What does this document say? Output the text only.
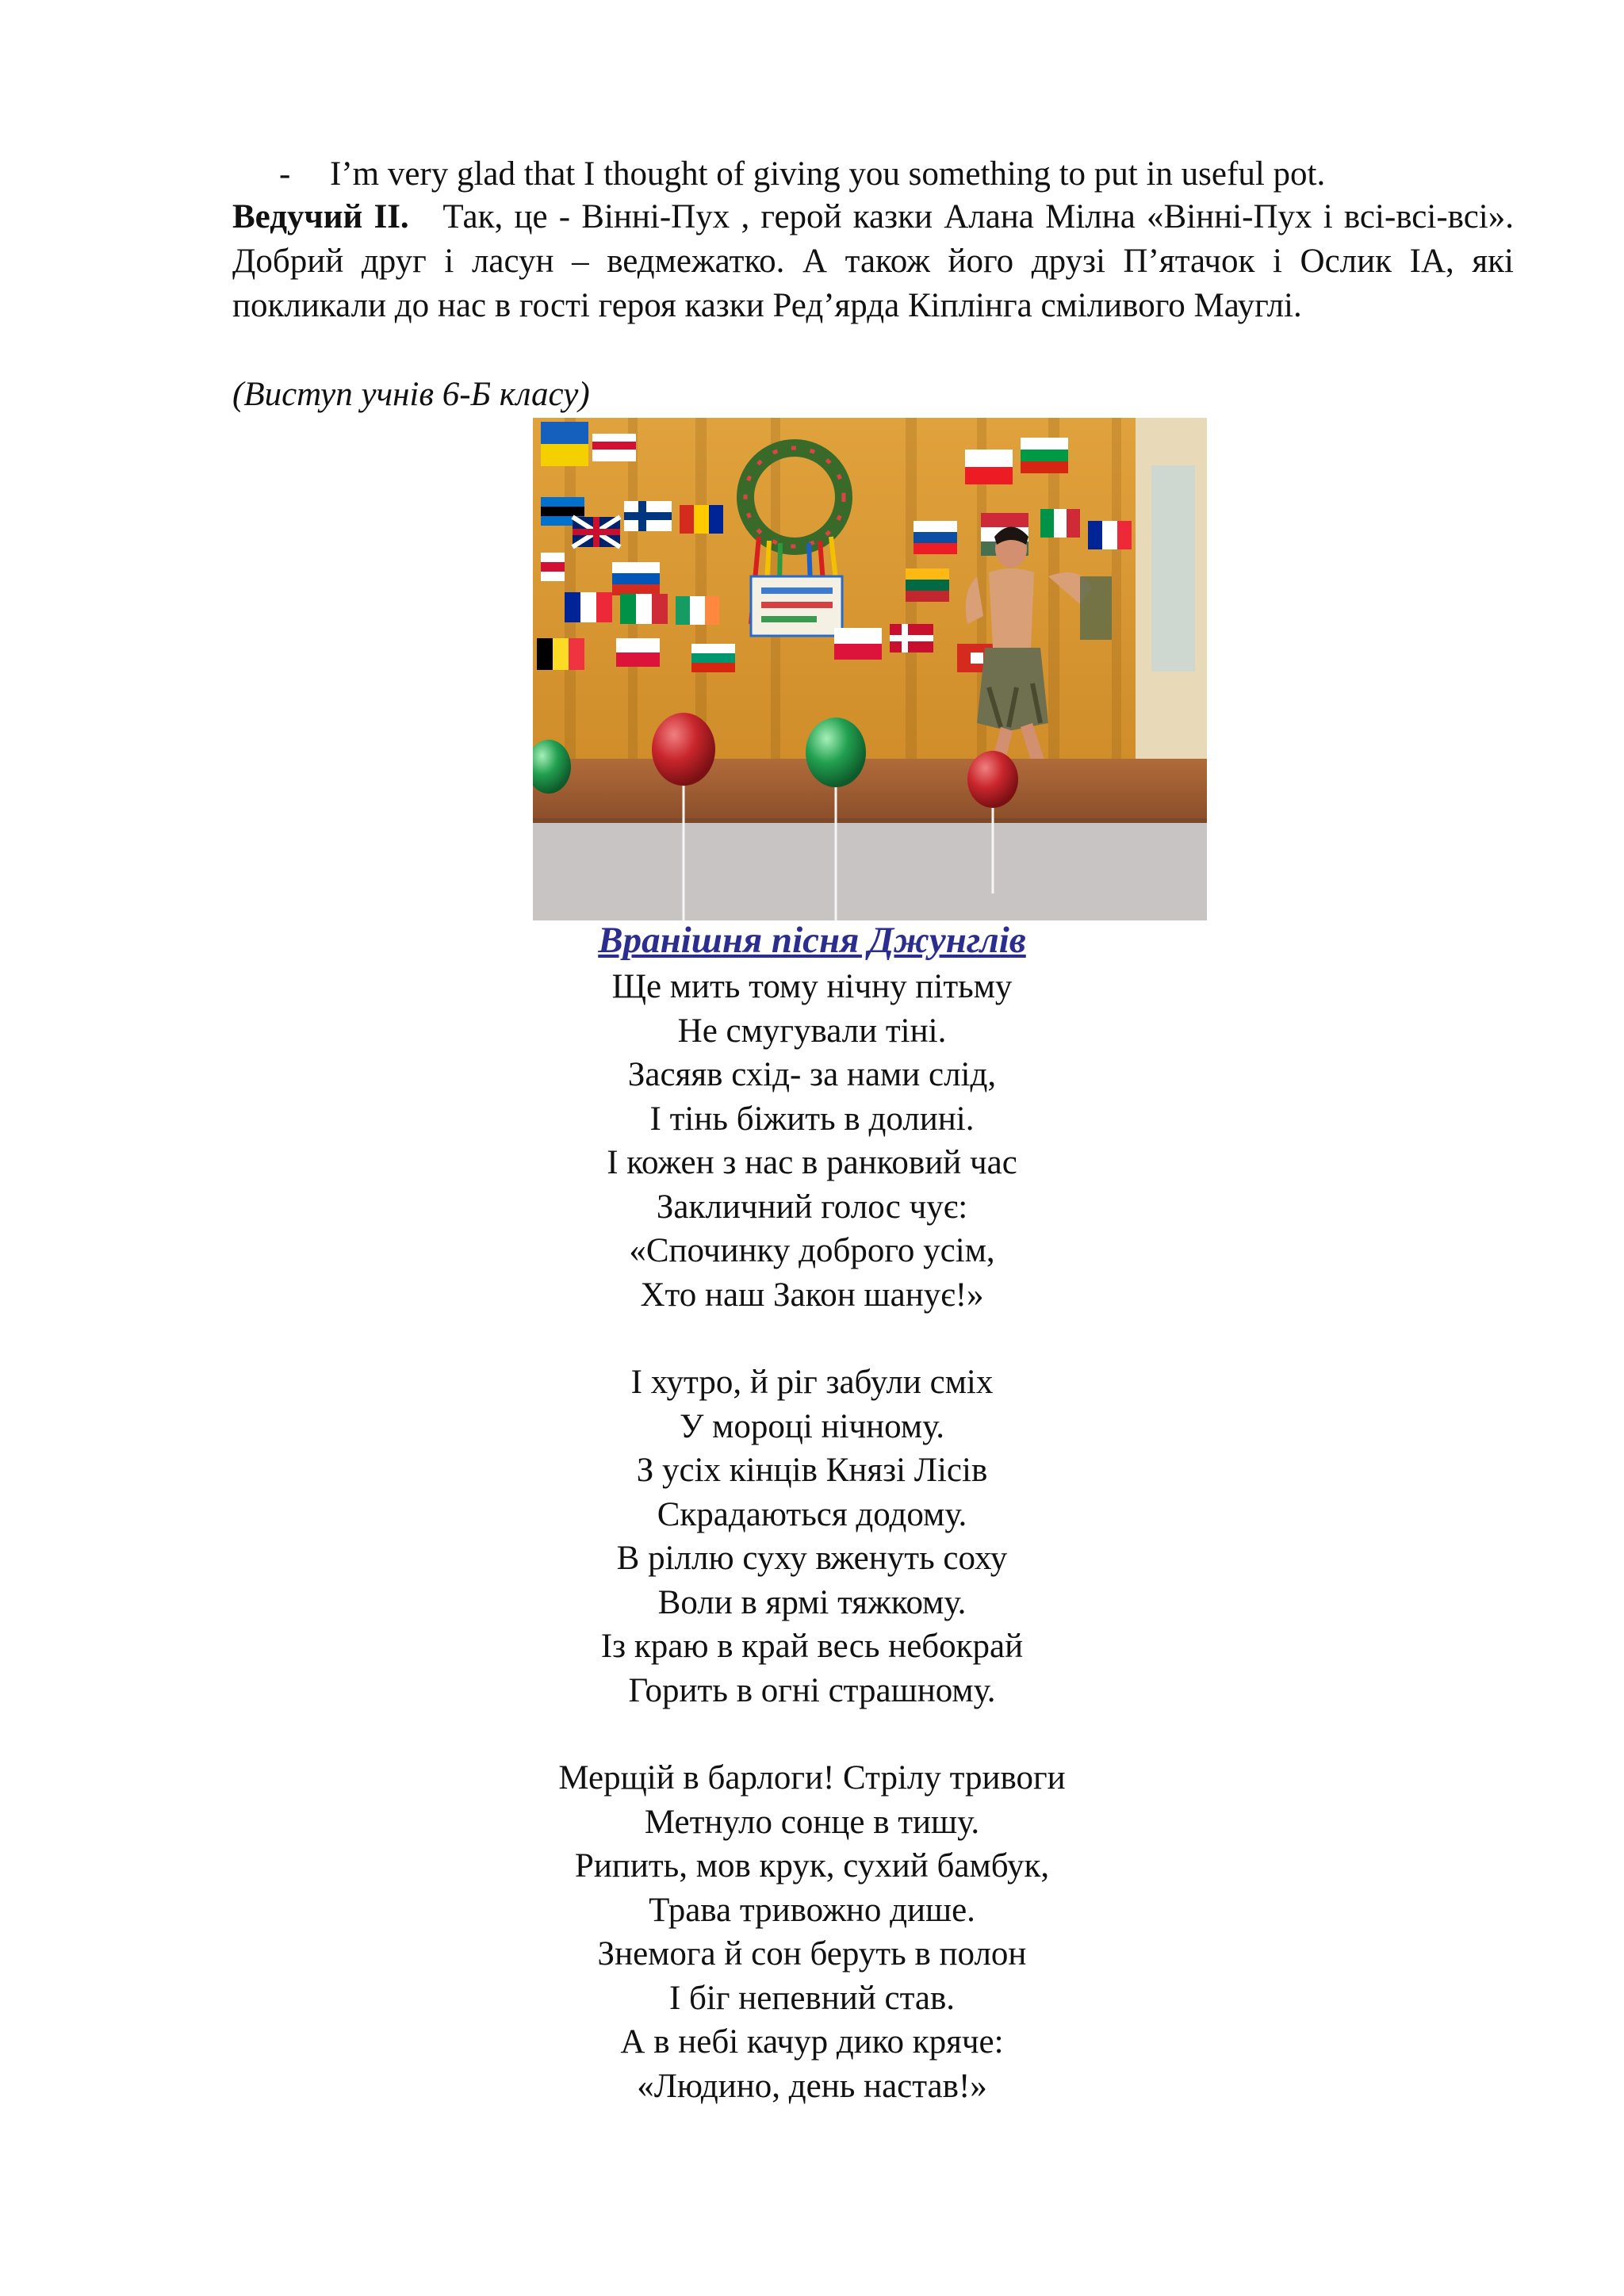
- I’m very glad that I thought of giving you something to put in useful pot.
Ведучий ІІ. Так, це - Вінні-Пух , герой казки Алана Мілна «Вінні-Пух і всі-всі-всі». Добрий друг і ласун – ведмежатко. А також його друзі П’ятачок і Ослик ІА, які покликали до нас в гості героя казки Ред’ярда Кіплінга сміливого Мауглі.
(Виступ учнів 6-Б класу)
Вранішня пісня Джунглів
Ще мить тому нічну пітьму
Не смугували тіні.
Засяяв схід- за нами слід,
І тінь біжить в долині.
І кожен з нас в ранковий час
Закличний голос чує:
«Спочинку доброго усім,
Хто наш Закон шанує!»
І хутро, й ріг забули сміх
У мороці нічному.
З усіх кінців Князі Лісів
Скрадаються додому.
В ріллю суху вженуть соху
Воли в ярмі тяжкому.
Із краю в край весь небокрай
Горить в огні страшному.
Мерщій в барлоги! Стрілу тривоги
Метнуло сонце в тишу.
Рипить, мов крук, сухий бамбук,
Трава тривожно дише.
Знемога й сон беруть в полон
І біг непевний став.
А в небі качур дико кряче:
«Людино, день настав!»
